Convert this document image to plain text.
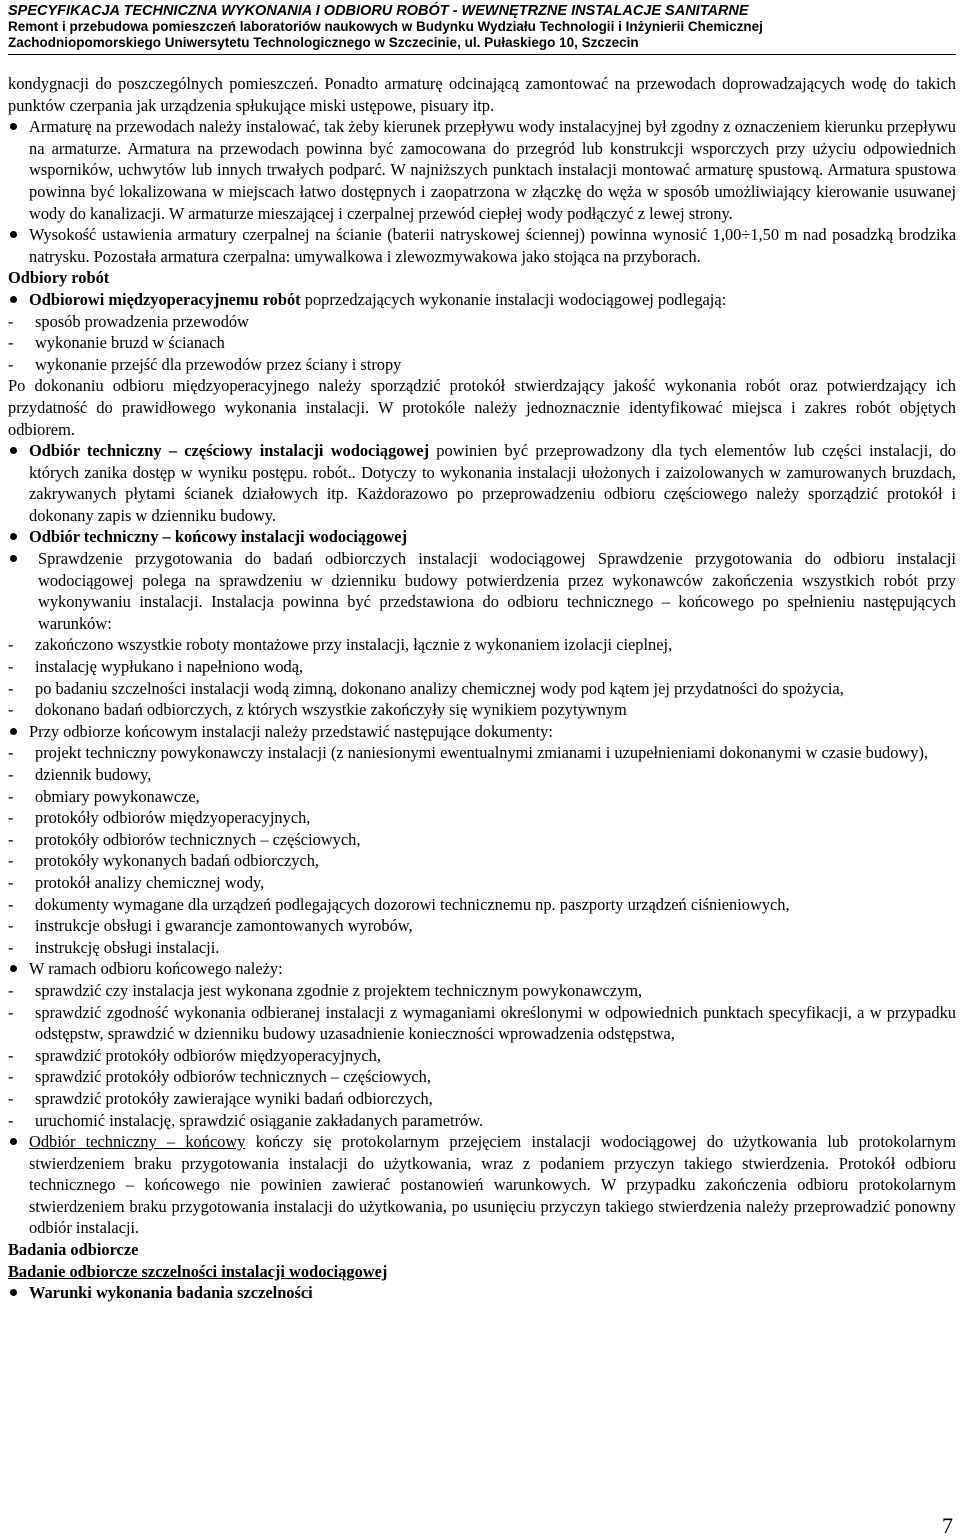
SPECYFIKACJA TECHNICZNA WYKONANIA I ODBIORU ROBÓT - WEWNĘTRZNE INSTALACJE SANITARNE
Remont i przebudowa pomieszczeń laboratoriów naukowych w Budynku Wydziału Technologii i Inżynierii Chemicznej
Zachodniopomorskiego Uniwersytetu Technologicznego w Szczecinie, ul. Pułaskiego 10, Szczecin

kondygnacji do poszczególnych pomieszczeń. Ponadto armaturę odcinającą zamontować na przewodach doprowadzających wodę do takich punktów czerpania jak urządzenia spłukujące miski ustępowe, pisuary itp.

Armaturę na przewodach należy instalować, tak żeby kierunek przepływu wody instalacyjnej był zgodny z oznaczeniem kierunku przepływu na armaturze. Armatura na przewodach powinna być zamocowana do przegród lub konstrukcji wsporczych przy użyciu odpowiednich wsporników, uchwytów lub innych trwałych podparć. W najniższych punktach instalacji montować armaturę spustową. Armatura spustowa powinna być lokalizowana w miejscach łatwo dostępnych i zaopatrzona w złączkę do węża w sposób umożliwiający kierowanie usuwanej wody do kanalizacji. W armaturze mieszającej i czerpalnej przewód ciepłej wody podłączyć z lewej strony.
Wysokość ustawienia armatury czerpalnej na ścianie (baterii natryskowej ściennej) powinna wynosić 1,00÷1,50 m nad posadzką brodzika natrysku. Pozostała armatura czerpalna: umywalkowa i zlewozmywakowa jako stojąca na przyborach.

Odbiory robót

Odbiorowi międzyoperacyjnemu robót poprzedzających wykonanie instalacji wodociągowej podlegają:
- sposób prowadzenia przewodów
- wykonanie bruzd w ścianach
- wykonanie przejść dla przewodów przez ściany i stropy

Po dokonaniu odbioru międzyoperacyjnego należy sporządzić protokół stwierdzający jakość wykonania robót oraz potwierdzający ich przydatność do prawidłowego wykonania instalacji. W protokóle należy jednoznacznie identyfikować miejsca i zakres robót objętych odbiorem.

Odbiór techniczny – częściowy instalacji wodociągowej powinien być przeprowadzony dla tych elementów lub części instalacji, do których zanika dostęp w wyniku postępu. robót.. Dotyczy to wykonania instalacji ułożonych i zaizolowanych w zamurowanych bruzdach, zakrywanych płytami ścianek działowych itp. Każdorazowo po przeprowadzeniu odbioru częściowego należy sporządzić protokół i dokonany zapis w dzienniku budowy.
Odbiór techniczny – końcowy instalacji wodociągowej
Sprawdzenie przygotowania do badań odbiorczych instalacji wodociągowej Sprawdzenie przygotowania do odbioru instalacji wodociągowej polega na sprawdzeniu w dzienniku budowy potwierdzenia przez wykonawców zakończenia wszystkich robót przy wykonywaniu instalacji. Instalacja powinna być przedstawiona do odbioru technicznego – końcowego po spełnieniu następujących warunków:
- zakończono wszystkie roboty montażowe przy instalacji, łącznie z wykonaniem izolacji cieplnej,
- instalację wypłukano i napełniono wodą,
- po badaniu szczelności instalacji wodą zimną, dokonano analizy chemicznej wody pod kątem jej przydatności do spożycia,
- dokonano badań odbiorczych, z których wszystkie zakończyły się wynikiem pozytywnym
Przy odbiorze końcowym instalacji należy przedstawić następujące dokumenty:
- projekt techniczny powykonawczy instalacji (z naniesionymi ewentualnymi zmianami i uzupełnieniami dokonanymi w czasie budowy),
- dziennik budowy,
- obmiary powykonawcze,
- protokóły odbiorów międzyoperacyjnych,
- protokóły odbiorów technicznych – częściowych,
- protokóły wykonanych badań odbiorczych,
- protokół analizy chemicznej wody,
- dokumenty wymagane dla urządzeń podlegających dozorowi technicznemu np. paszporty urządzeń ciśnieniowych,
- instrukcje obsługi i gwarancje zamontowanych wyrobów,
- instrukcję obsługi instalacji.
W ramach odbioru końcowego należy:
- sprawdzić czy instalacja jest wykonana zgodnie z projektem technicznym powykonawczym,
- sprawdzić zgodność wykonania odbieranej instalacji z wymaganiami określonymi w odpowiednich punktach specyfikacji, a w przypadku odstępstw, sprawdzić w dzienniku budowy uzasadnienie konieczności wprowadzenia odstępstwa,
- sprawdzić protokóły odbiorów międzyoperacyjnych,
- sprawdzić protokóły odbiorów technicznych – częściowych,
- sprawdzić protokóły zawierające wyniki badań odbiorczych,
- uruchomić instalację, sprawdzić osiąganie zakładanych parametrów.
Odbiór techniczny – końcowy kończy się protokolarnym przejęciem instalacji wodociągowej do użytkowania lub protokolarnym stwierdzeniem braku przygotowania instalacji do użytkowania, wraz z podaniem przyczyn takiego stwierdzenia. Protokół odbioru technicznego – końcowego nie powinien zawierać postanowień warunkowych. W przypadku zakończenia odbioru protokolarnym stwierdzeniem braku przygotowania instalacji do użytkowania, po usunięciu przyczyn takiego stwierdzenia należy przeprowadzić ponowny odbiór instalacji.

Badania odbiorcze

Badanie odbiorcze szczelności instalacji wodociągowej

Warunki wykonania badania szczelności
7
